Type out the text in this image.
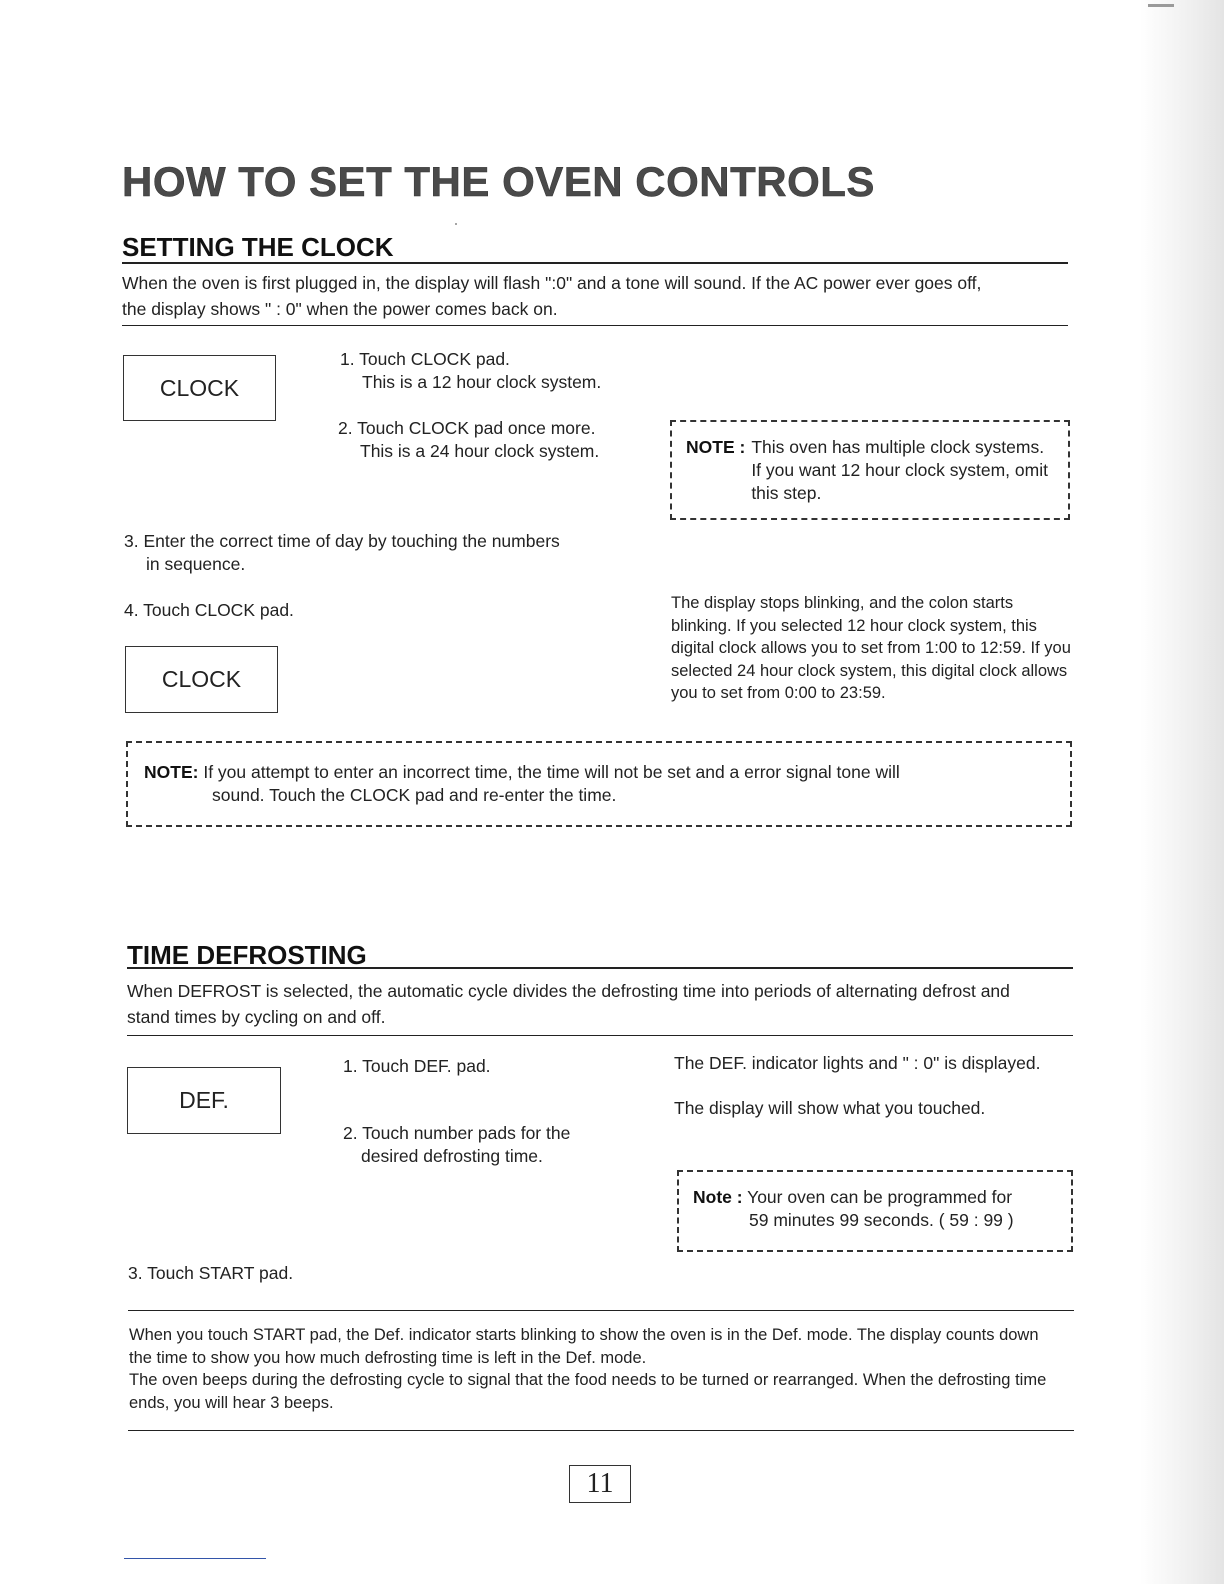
HOW TO SET THE OVEN CONTROLS
SETTING THE CLOCK

When the oven is first plugged in, the display will flash ":0" and a tone will sound. If the AC power ever goes off, the display shows " : 0" when the power comes back on.

CLOCK

1. Touch CLOCK pad.
This is a 12 hour clock system.

2. Touch CLOCK pad once more.
This is a 24 hour clock system.	NOTE : This oven has multiple clock systems. If you want 12 hour clock system, omit this step.

3. Enter the correct time of day by touching the numbers
in sequence.

4. Touch CLOCK pad.

CLOCK

The display stops blinking, and the colon starts blinking. If you selected 12 hour clock system, this digital clock allows you to set from 1:00 to 12:59. If you selected 24 hour clock system, this digital clock allows you to set from 0:00 to 23:59.

NOTE: If you attempt to enter an incorrect time, the time will not be set and a error signal tone will
sound. Touch the CLOCK pad and re-enter the time.
TIME DEFROSTING

When DEFROST is selected, the automatic cycle divides the defrosting time into periods of alternating defrost and stand times by cycling on and off.

DEF.

1. Touch DEF. pad.	The DEF. indicator lights and " : 0" is displayed.

2. Touch number pads for the
desired defrosting time.

The display will show what you touched.

Note : Your oven can be programmed for
59 minutes 99 seconds. ( 59 : 99 )

3. Touch START pad.

When you touch START pad, the Def. indicator starts blinking to show the oven is in the Def. mode. The display counts down the time to show you how much defrosting time is left in the Def. mode.

The oven beeps during the defrosting cycle to signal that the food needs to be turned or rearranged. When the defrosting time ends, you will hear 3 beeps.

11
